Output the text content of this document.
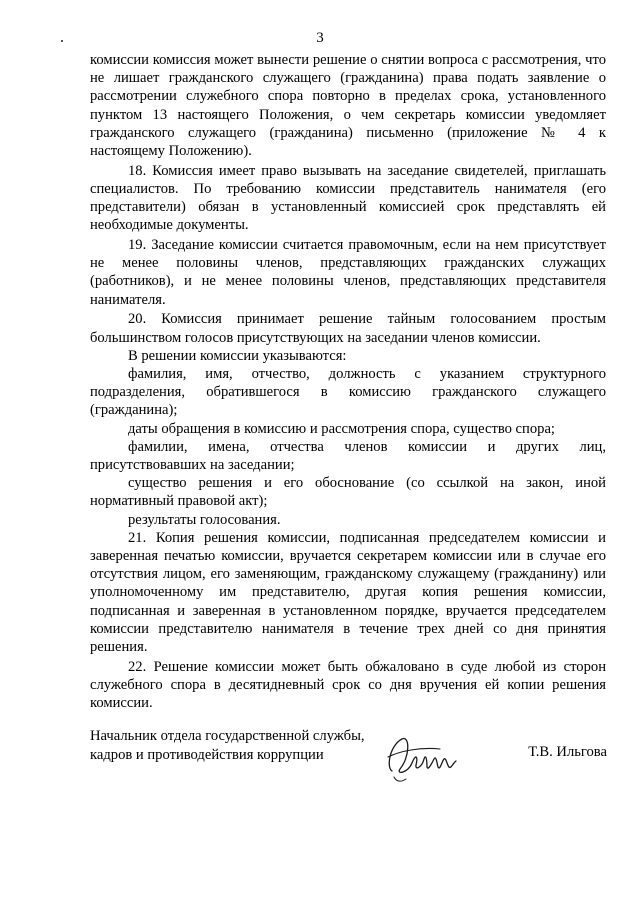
3

комиссии комиссия может вынести решение о снятии вопроса с рассмотрения, что не лишает гражданского служащего (гражданина) права подать заявление о рассмотрении служебного спора повторно в пределах срока, установленного пунктом 13 настоящего Положения, о чем секретарь комиссии уведомляет гражданского служащего (гражданина) письменно (приложение № 4 к настоящему Положению).

18. Комиссия имеет право вызывать на заседание свидетелей, приглашать специалистов. По требованию комиссии представитель нанимателя (его представители) обязан в установленный комиссией срок представлять ей необходимые документы.

19. Заседание комиссии считается правомочным, если на нем присутствует не менее половины членов, представляющих гражданских служащих (работников), и не менее половины членов, представляющих представителя нанимателя.

20. Комиссия принимает решение тайным голосованием простым большинством голосов присутствующих на заседании членов комиссии.

В решении комиссии указываются:

фамилия, имя, отчество, должность с указанием структурного подразделения, обратившегося в комиссию гражданского служащего (гражданина);

даты обращения в комиссию и рассмотрения спора, существо спора;

фамилии, имена, отчества членов комиссии и других лиц, присутствовавших на заседании;

существо решения и его обоснование (со ссылкой на закон, иной нормативный правовой акт);

результаты голосования.

21. Копия решения комиссии, подписанная председателем комиссии и заверенная печатью комиссии, вручается секретарем комиссии или в случае его отсутствия лицом, его заменяющим, гражданскому служащему (гражданину) или уполномоченному им представителю, другая копия решения комиссии, подписанная и заверенная в установленном порядке, вручается председателем комиссии представителю нанимателя в течение трех дней со дня принятия решения.

22. Решение комиссии может быть обжаловано в суде любой из сторон служебного спора в десятидневный срок со дня вручения ей копии решения комиссии.

Начальник отдела государственной службы,
кадров и противодействия коррупции	Т.В. Ильгова
